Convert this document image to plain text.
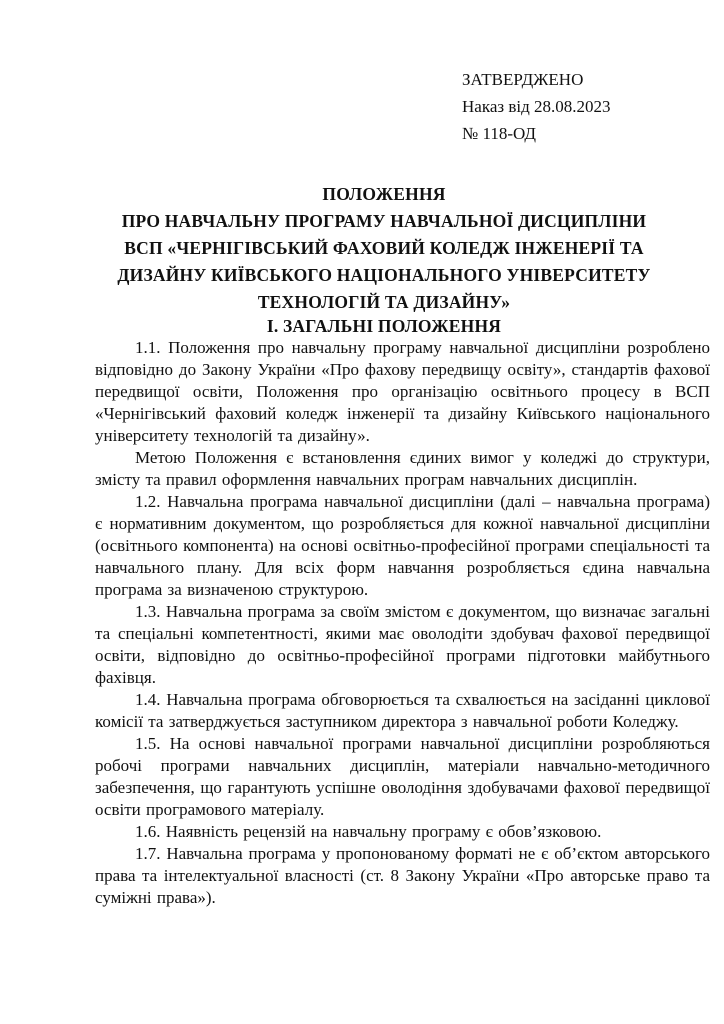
ЗАТВЕРДЖЕНО
Наказ від 28.08.2023
№ 118-ОД
ПОЛОЖЕННЯ
ПРО НАВЧАЛЬНУ ПРОГРАМУ НАВЧАЛЬНОЇ ДИСЦИПЛІНИ
ВСП «ЧЕРНІГІВСЬКИЙ ФАХОВИЙ КОЛЕДЖ ІНЖЕНЕРІЇ ТА
ДИЗАЙНУ КИЇВСЬКОГО НАЦІОНАЛЬНОГО УНІВЕРСИТЕТУ
ТЕХНОЛОГІЙ ТА ДИЗАЙНУ»
І. ЗАГАЛЬНІ ПОЛОЖЕННЯ

1.1. Положення про навчальну програму навчальної дисципліни розроблено відповідно до Закону України «Про фахову передвищу освіту», стандартів фахової передвищої освіти, Положення про організацію освітнього процесу в ВСП «Чернігівський фаховий коледж інженерії та дизайну Київського національного університету технологій та дизайну».

Метою Положення є встановлення єдиних вимог у коледжі до структури, змісту та правил оформлення навчальних програм навчальних дисциплін.

1.2. Навчальна програма навчальної дисципліни (далі – навчальна програма) є нормативним документом, що розробляється для кожної навчальної дисципліни (освітнього компонента) на основі освітньо-професійної програми спеціальності та навчального плану. Для всіх форм навчання розробляється єдина навчальна програма за визначеною структурою.

1.3. Навчальна програма за своїм змістом є документом, що визначає загальні та спеціальні компетентності, якими має оволодіти здобувач фахової передвищої освіти, відповідно до освітньо-професійної програми підготовки майбутнього фахівця.

1.4. Навчальна програма обговорюється та схвалюється на засіданні циклової комісії та затверджується заступником директора з навчальної роботи Коледжу.

1.5. На основі навчальної програми навчальної дисципліни розробляються робочі програми навчальних дисциплін, матеріали навчально-методичного забезпечення, що гарантують успішне оволодіння здобувачами фахової передвищої освіти програмового матеріалу.

1.6. Наявність рецензій на навчальну програму є обов’язковою.

1.7. Навчальна програма у пропонованому форматі не є об’єктом авторського права та інтелектуальної власності (ст. 8 Закону України «Про авторське право та суміжні права»).
